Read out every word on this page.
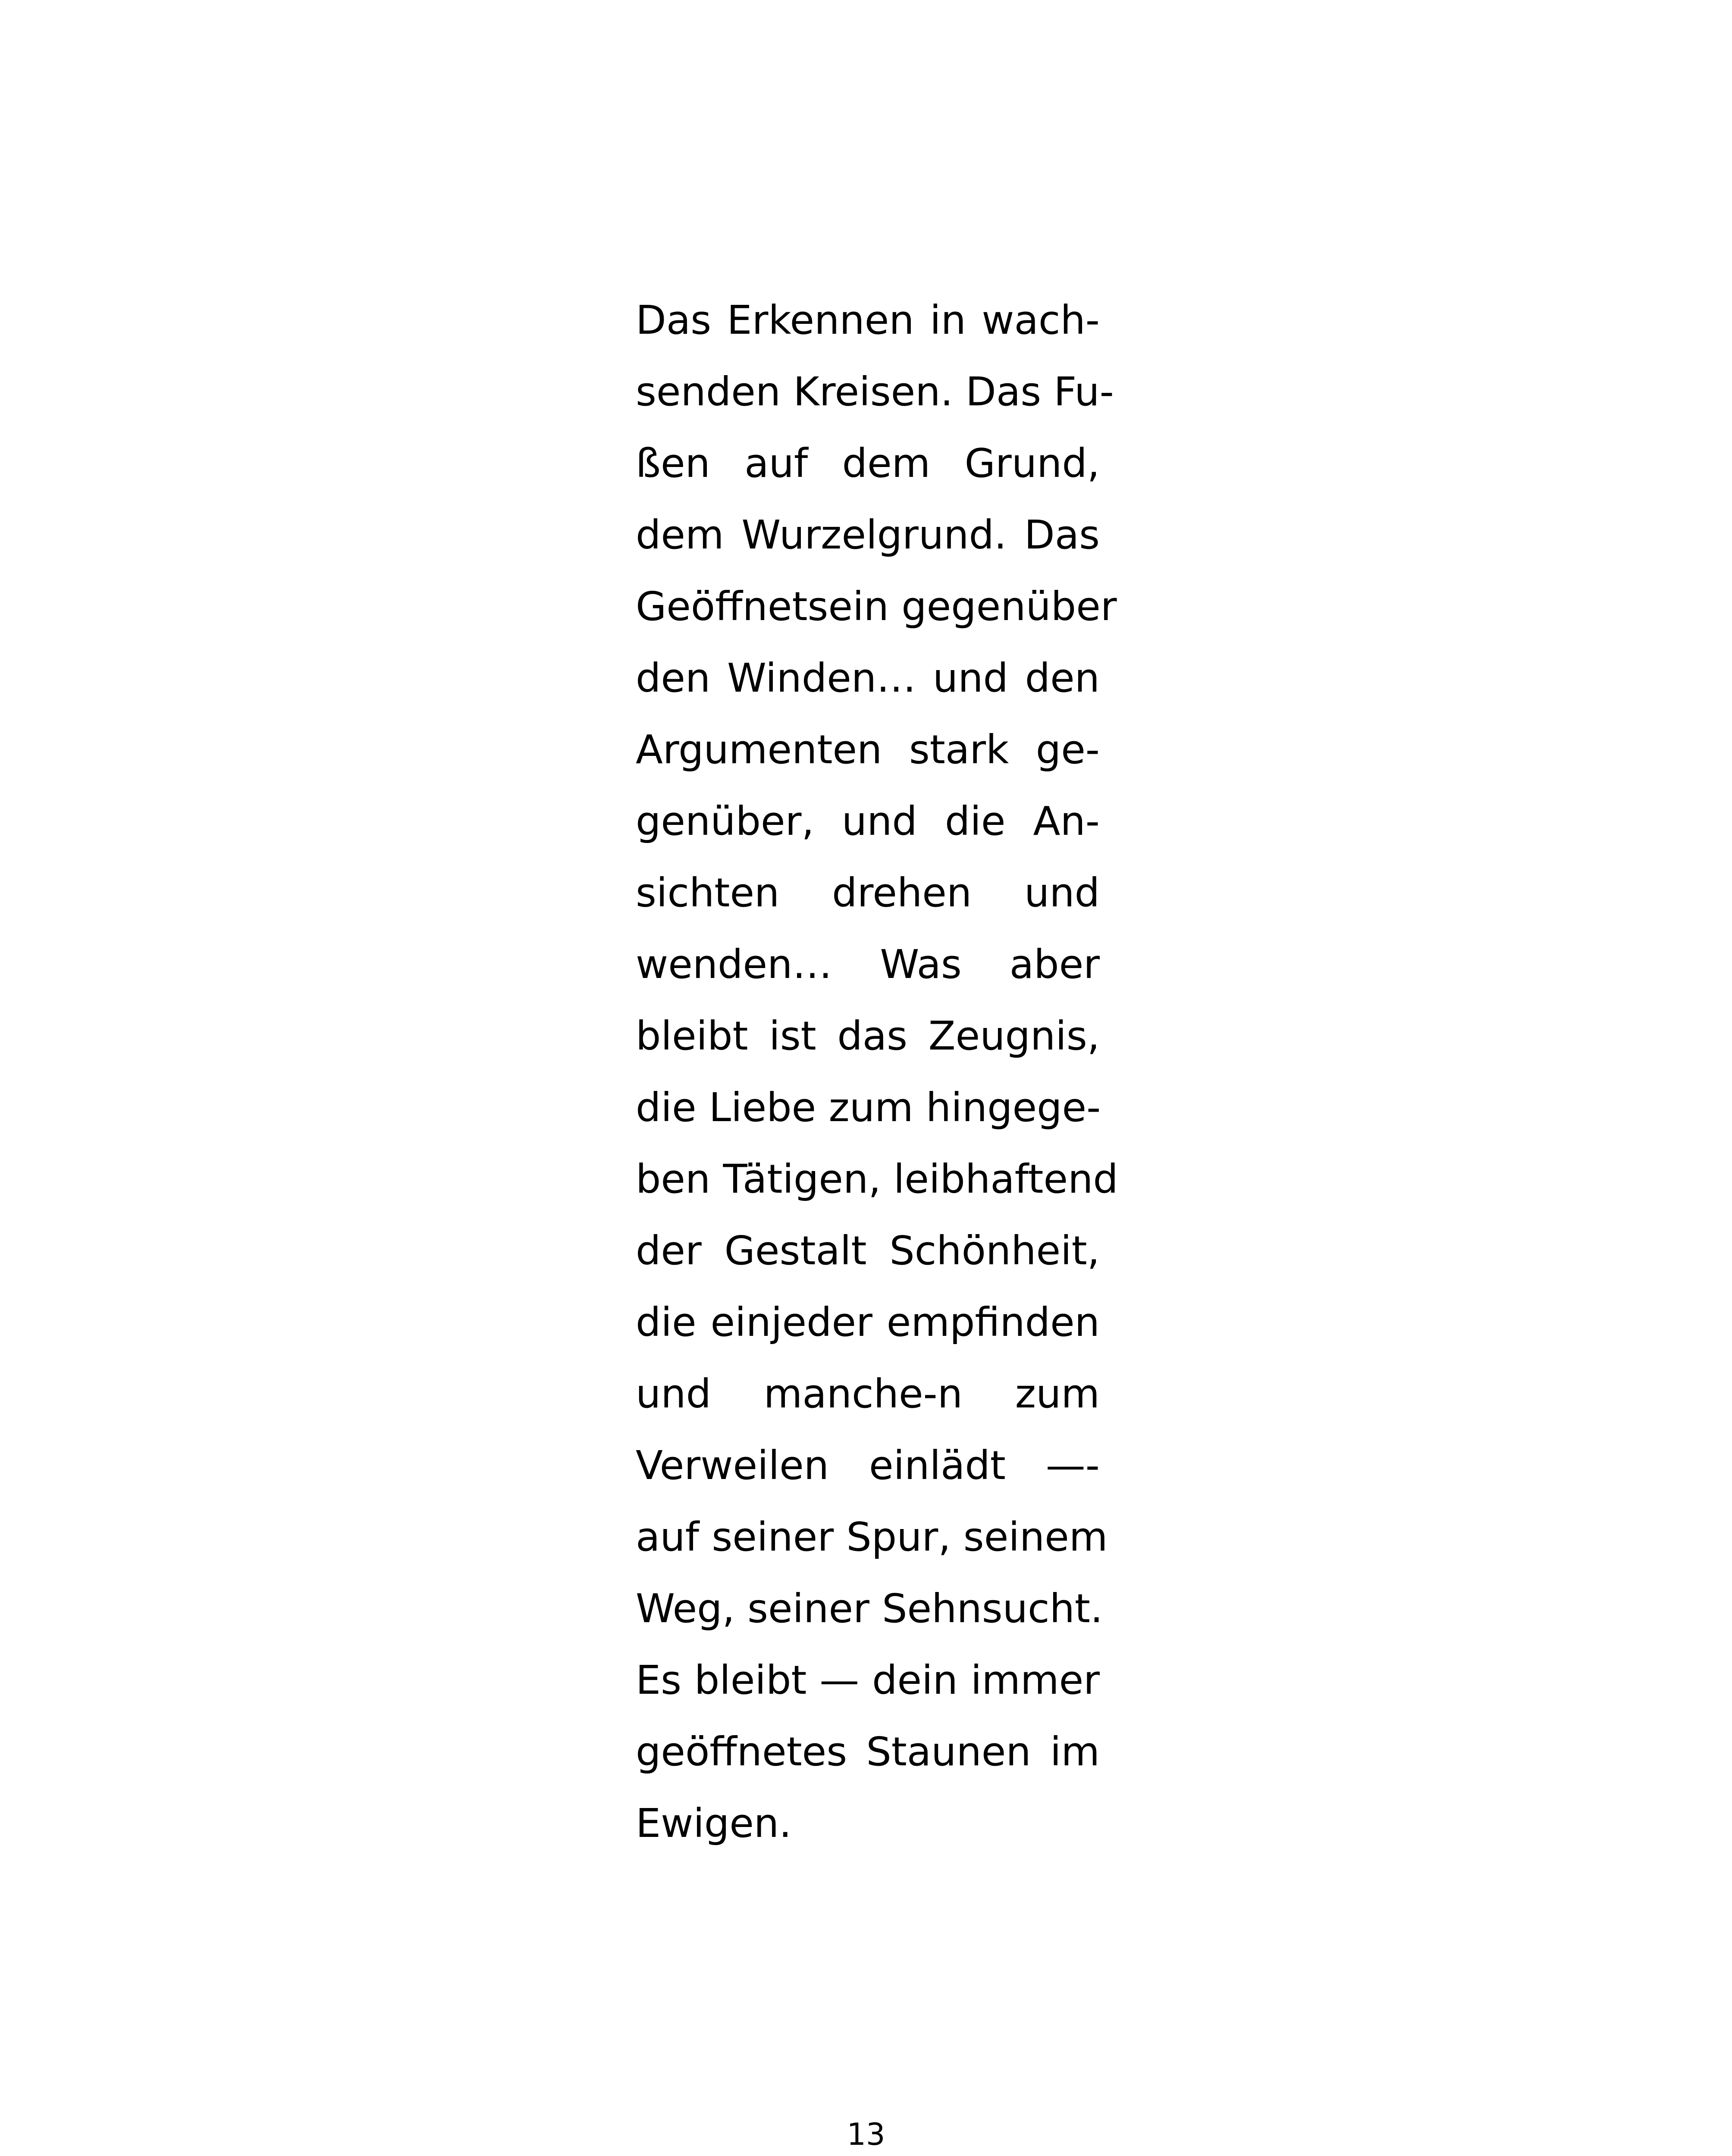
Das Erkennen in wach-
senden Kreisen. Das Fu-
ßen auf dem Grund,
dem Wurzelgrund. Das
Geöffnetsein gegenüber
den Winden… und den
Argumenten stark ge-
genüber, und die An-
sichten drehen und
wenden… Was aber
bleibt ist das Zeugnis,
die Liebe zum hingege-
ben Tätigen, leibhaftend
der Gestalt Schönheit,
die einjeder empfinden
und manche-n zum
Verweilen einlädt —-
auf seiner Spur, seinem
Weg, seiner Sehnsucht.
Es bleibt — dein immer
geöffnetes Staunen im
Ewigen.
13
